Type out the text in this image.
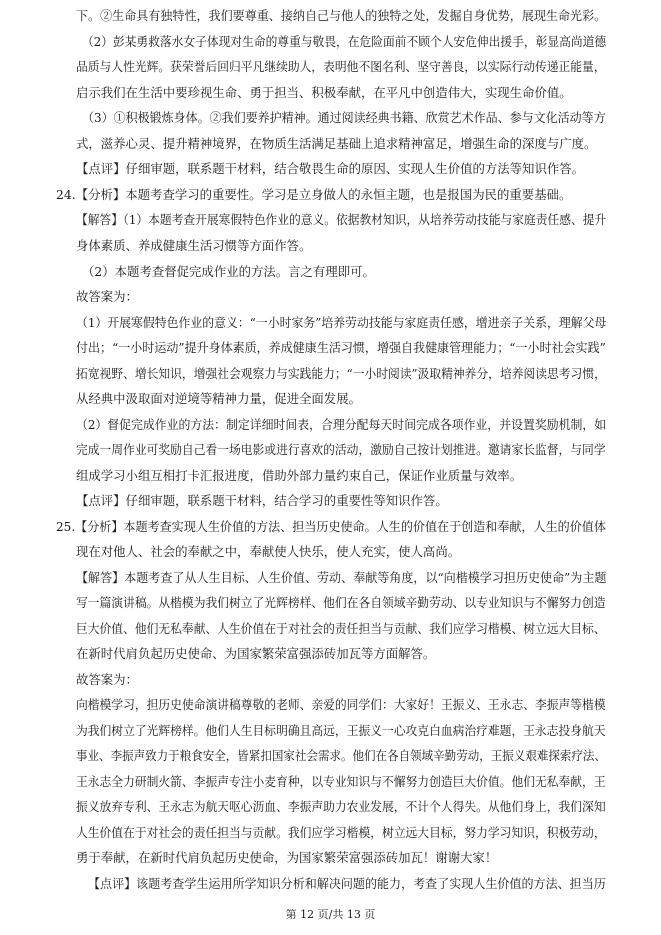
下。②生命具有独特性，我们要尊重、接纳自己与他人的独特之处，发掘自身优势，展现生命光彩。
（2）彭某勇救落水女子体现对生命的尊重与敬畏，在危险面前不顾个人安危伸出援手，彰显高尚道德
品质与人性光辉。获荣誉后回归平凡继续助人，表明他不图名利、坚守善良，以实际行动传递正能量，
启示我们在生活中要珍视生命、勇于担当、积极奉献，在平凡中创造伟大，实现生命价值。
（3）①积极锻炼身体。②我们要养护精神。通过阅读经典书籍、欣赏艺术作品、参与文化活动等方
式，滋养心灵、提升精神境界，在物质生活满足基础上追求精神富足，增强生命的深度与广度。
【点评】仔细审题，联系题干材料，结合敬畏生命的原因、实现人生价值的方法等知识作答。
24.【分析】本题考查学习的重要性。学习是立身做人的永恒主题，也是报国为民的重要基础。
【解答】（1）本题考查开展寒假特色作业的意义。依据教材知识，从培养劳动技能与家庭责任感、提升
身体素质、养成健康生活习惯等方面作答。
（2）本题考查督促完成作业的方法。言之有理即可。
故答案为：
（1）开展寒假特色作业的意义：“一小时家务”培养劳动技能与家庭责任感，增进亲子关系，理解父母
付出；“一小时运动”提升身体素质，养成健康生活习惯，增强自我健康管理能力；“一小时社会实践”
拓宽视野、增长知识，增强社会观察力与实践能力；“一小时阅读”汲取精神养分，培养阅读思考习惯，
从经典中汲取面对逆境等精神力量，促进全面发展。
（2）督促完成作业的方法：制定详细时间表，合理分配每天时间完成各项作业，并设置奖励机制，如
完成一周作业可奖励自己看一场电影或进行喜欢的活动，激励自己按计划推进。邀请家长监督，与同学
组成学习小组互相打卡汇报进度，借助外部力量约束自己，保证作业质量与效率。
【点评】仔细审题，联系题干材料，结合学习的重要性等知识作答。
25.【分析】本题考查实现人生价值的方法、担当历史使命。人生的价值在于创造和奉献，人生的价值体
现在对他人、社会的奉献之中，奉献使人快乐，使人充实，使人高尚。
【解答】本题考查了从人生目标、人生价值、劳动、奉献等角度，以“向楷模学习担历史使命”为主题
写一篇演讲稿。从楷模为我们树立了光辉榜样、他们在各自领域辛勤劳动、以专业知识与不懈努力创造
巨大价值、他们无私奉献、人生价值在于对社会的责任担当与贡献、我们应学习楷模、树立远大目标、
在新时代肩负起历史使命、为国家繁荣富强添砖加瓦等方面解答。
故答案为：
向楷模学习，担历史使命演讲稿尊敬的老师、亲爱的同学们：大家好！王振义、王永志、李振声等楷模
为我们树立了光辉榜样。他们人生目标明确且高远，王振义一心攻克白血病治疗难题，王永志投身航天
事业、李振声致力于粮食安全，皆紧扣国家社会需求。他们在各自领域辛勤劳动，王振义艰难探索疗法、
王永志全力研制火箭、李振声专注小麦育种，以专业知识与不懈努力创造巨大价值。他们无私奉献，王
振义放弃专利、王永志为航天呕心沥血、李振声助力农业发展，不计个人得失。从他们身上，我们深知
人生价值在于对社会的责任担当与贡献。我们应学习楷模，树立远大目标，努力学习知识，积极劳动，
勇于奉献，在新时代肩负起历史使命，为国家繁荣富强添砖加瓦！谢谢大家！
【点评】该题考查学生运用所学知识分析和解决问题的能力，考查了实现人生价值的方法、担当历
第 12 页/共 13 页
